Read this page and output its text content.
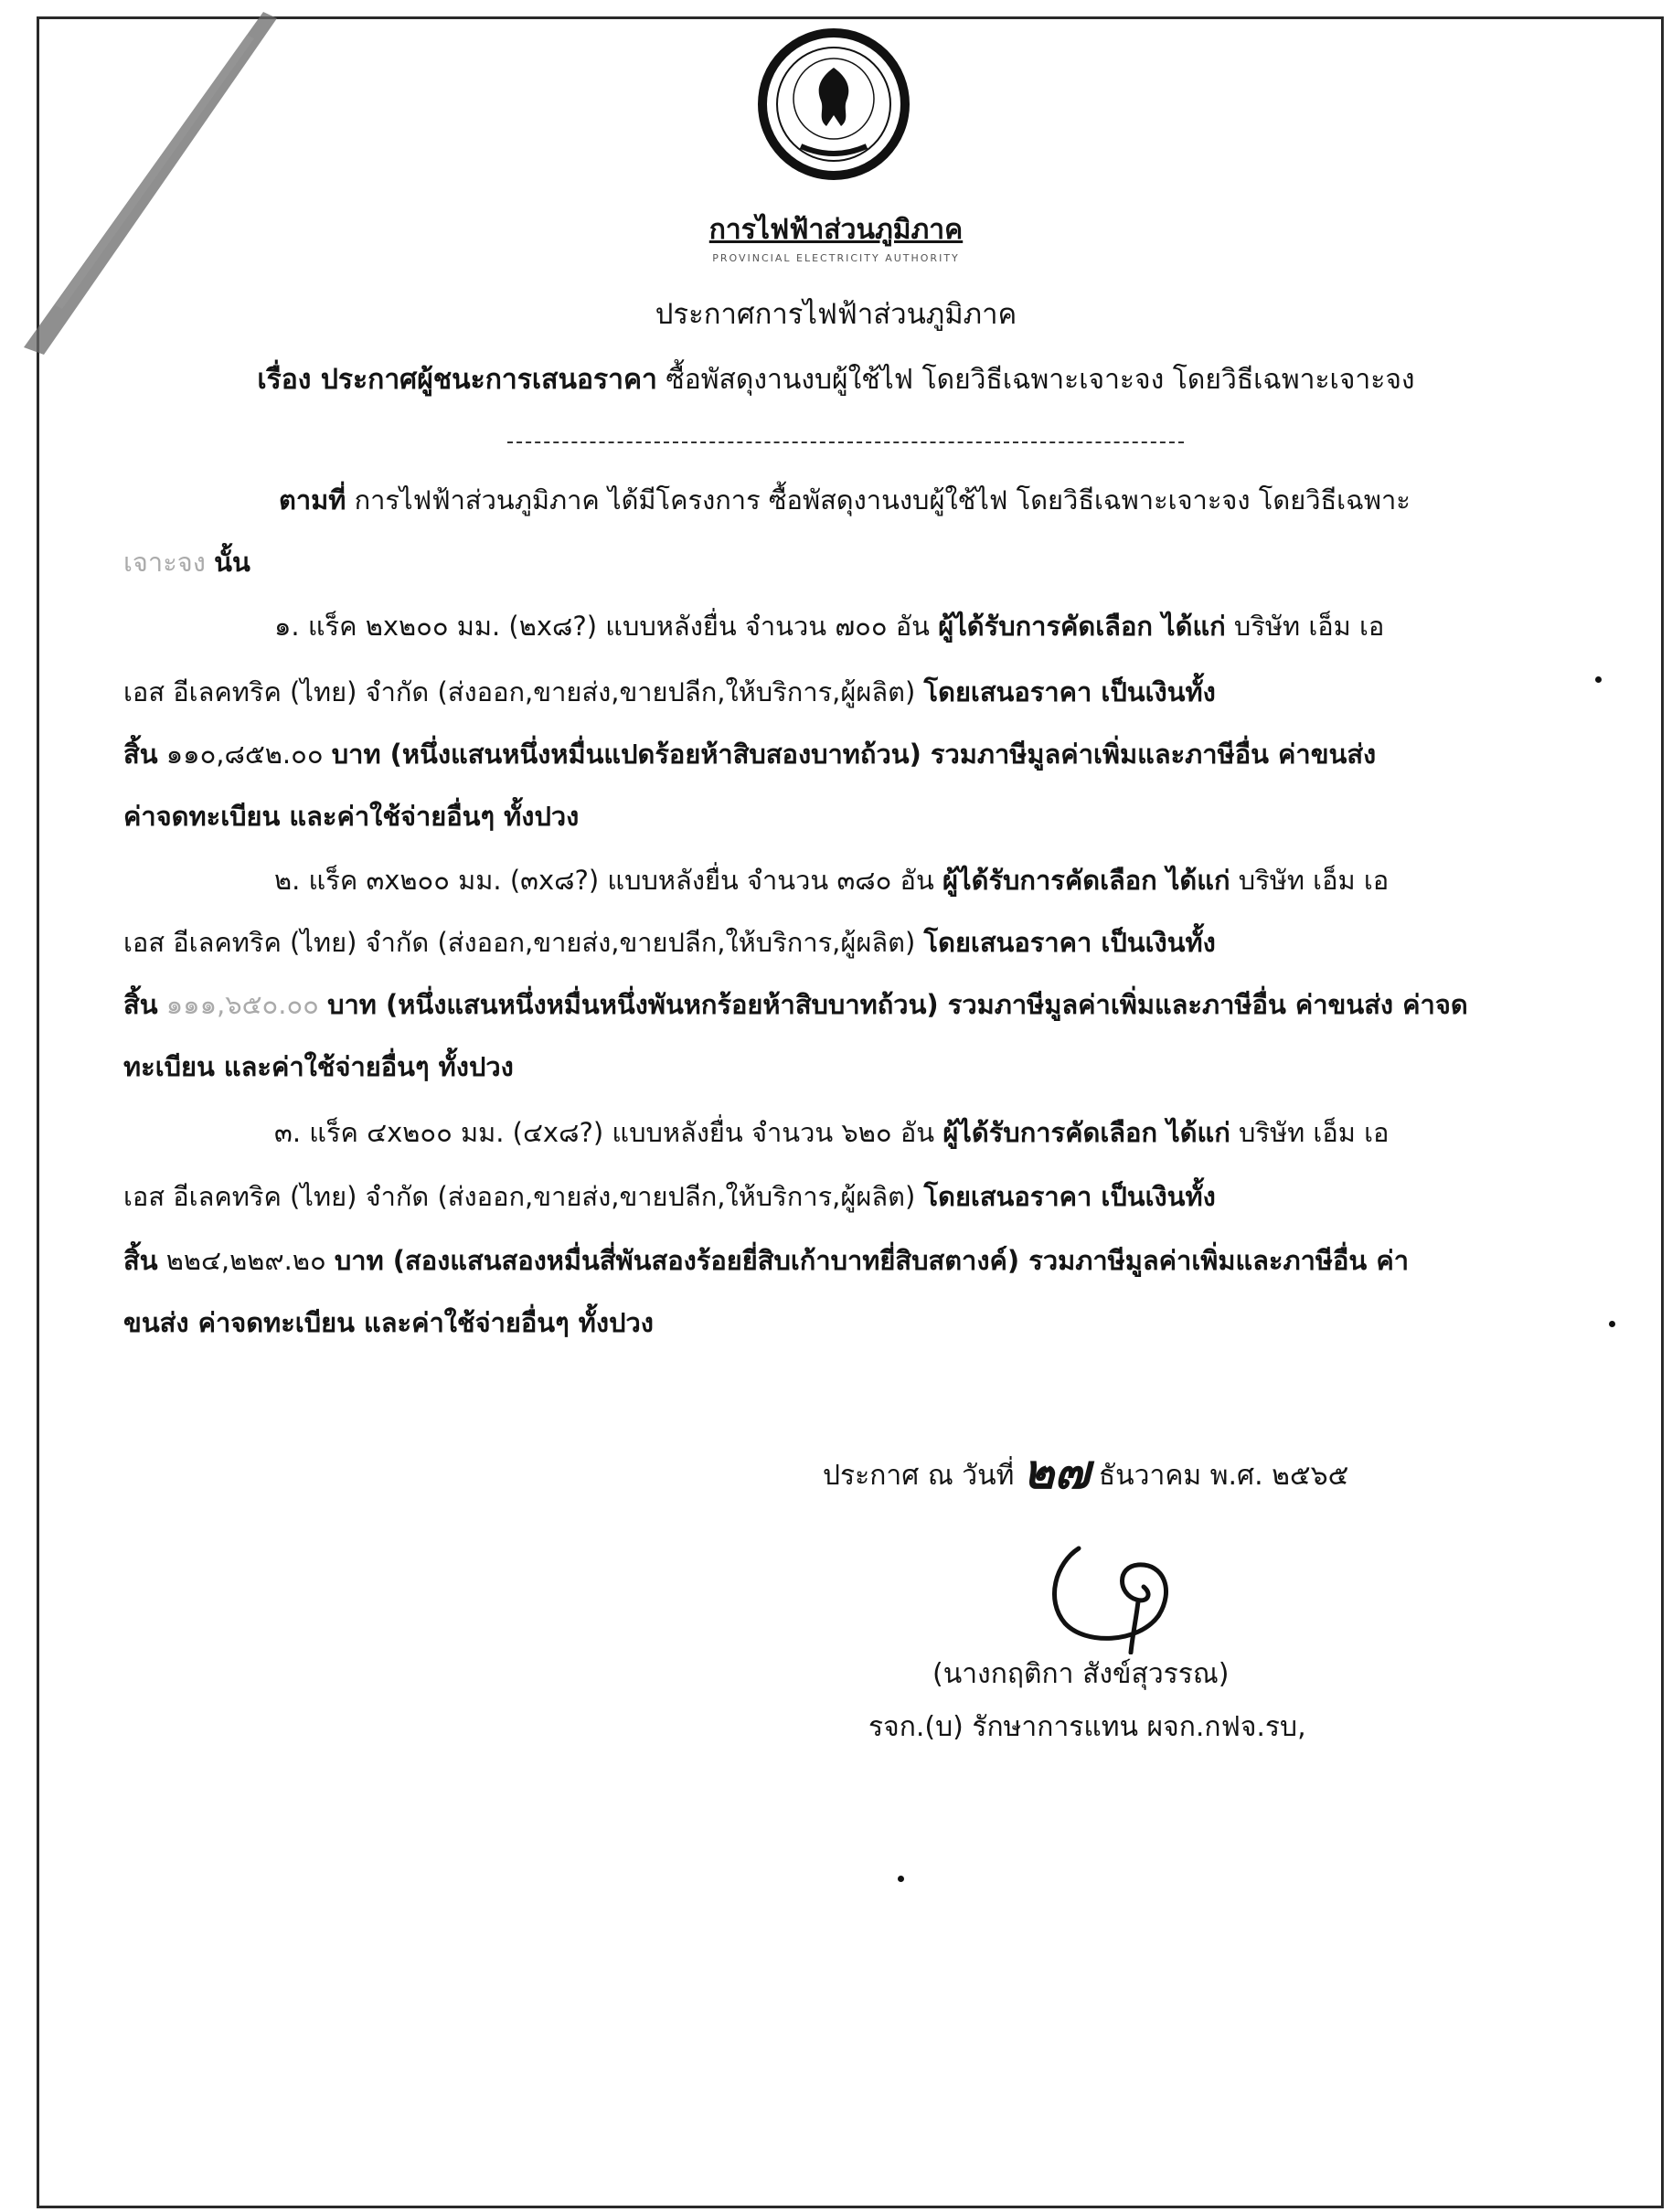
การไฟฟ้าส่วนภูมิภาค
PROVINCIAL ELECTRICITY AUTHORITY
ประกาศการไฟฟ้าส่วนภูมิภาค
เรื่อง ประกาศผู้ชนะการเสนอราคา ซื้อพัสดุงานงบผู้ใช้ไฟ โดยวิธีเฉพาะเจาะจง โดยวิธีเฉพาะเจาะจง
ตามที่ การไฟฟ้าส่วนภูมิภาค ได้มีโครงการ ซื้อพัสดุงานงบผู้ใช้ไฟ โดยวิธีเฉพาะเจาะจง โดยวิธีเฉพาะ
เจาะจง นั้น
๑. แร็ค ๒x๒๐๐ มม. (๒x๘?) แบบหลังยื่น จำนวน ๗๐๐ อัน ผู้ได้รับการคัดเลือก ได้แก่ บริษัท เอ็ม เอ
เอส อีเลคทริค (ไทย) จำกัด (ส่งออก,ขายส่ง,ขายปลีก,ให้บริการ,ผู้ผลิต) โดยเสนอราคา เป็นเงินทั้ง
สิ้น ๑๑๐,๘๕๒.๐๐ บาท (หนึ่งแสนหนึ่งหมื่นแปดร้อยห้าสิบสองบาทถ้วน) รวมภาษีมูลค่าเพิ่มและภาษีอื่น ค่าขนส่ง
ค่าจดทะเบียน และค่าใช้จ่ายอื่นๆ ทั้งปวง
๒. แร็ค ๓x๒๐๐ มม. (๓x๘?) แบบหลังยื่น จำนวน ๓๘๐ อัน ผู้ได้รับการคัดเลือก ได้แก่ บริษัท เอ็ม เอ
เอส อีเลคทริค (ไทย) จำกัด (ส่งออก,ขายส่ง,ขายปลีก,ให้บริการ,ผู้ผลิต) โดยเสนอราคา เป็นเงินทั้ง
สิ้น ๑๑๑,๖๕๐.๐๐ บาท (หนึ่งแสนหนึ่งหมื่นหนึ่งพันหกร้อยห้าสิบบาทถ้วน) รวมภาษีมูลค่าเพิ่มและภาษีอื่น ค่าขนส่ง ค่าจด
ทะเบียน และค่าใช้จ่ายอื่นๆ ทั้งปวง
๓. แร็ค ๔x๒๐๐ มม. (๔x๘?) แบบหลังยื่น จำนวน ๖๒๐ อัน ผู้ได้รับการคัดเลือก ได้แก่ บริษัท เอ็ม เอ
เอส อีเลคทริค (ไทย) จำกัด (ส่งออก,ขายส่ง,ขายปลีก,ให้บริการ,ผู้ผลิต) โดยเสนอราคา เป็นเงินทั้ง
สิ้น ๒๒๔,๒๒๙.๒๐ บาท (สองแสนสองหมื่นสี่พันสองร้อยยี่สิบเก้าบาทยี่สิบสตางค์) รวมภาษีมูลค่าเพิ่มและภาษีอื่น ค่า
ขนส่ง ค่าจดทะเบียน และค่าใช้จ่ายอื่นๆ ทั้งปวง
ประกาศ ณ วันที่ ๒๗ ธันวาคม พ.ศ. ๒๕๖๕
(นางกฤติกา สังข์สุวรรณ)
รจก.(บ) รักษาการแทน ผจก.กฟจ.รบ,
